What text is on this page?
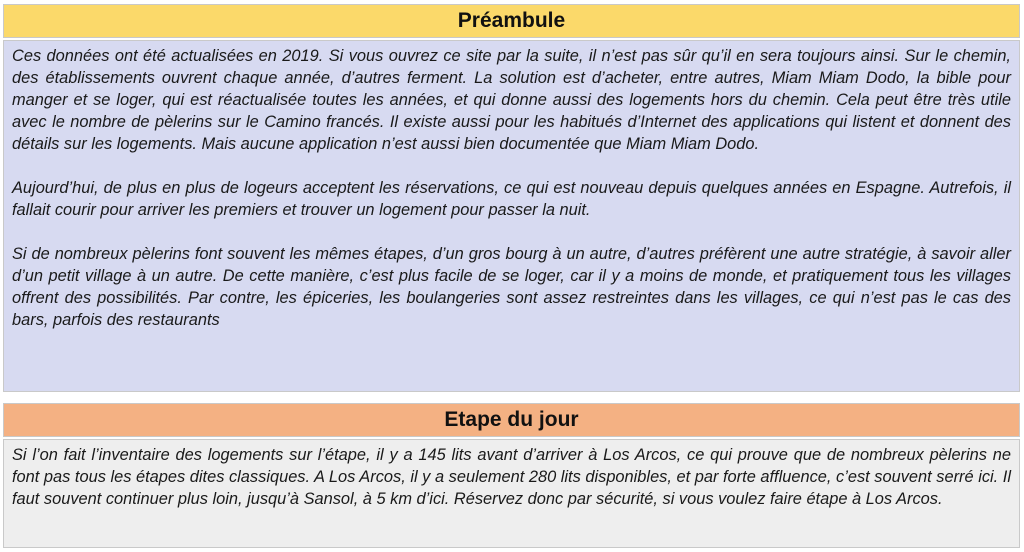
Préambule

Ces données ont été actualisées en 2019. Si vous ouvrez ce site par la suite, il n’est pas sûr qu’il en sera toujours ainsi. Sur le chemin, des établissements ouvrent chaque année, d’autres ferment. La solution est d’acheter, entre autres, Miam Miam Dodo, la bible pour manger et se loger, qui est réactualisée toutes les années, et qui donne aussi des logements hors du chemin. Cela peut être très utile avec le nombre de pèlerins sur le Camino francés. Il existe aussi pour les habitués d’Internet des applications qui listent et donnent des détails sur les logements. Mais aucune application n’est aussi bien documentée que Miam Miam Dodo.

Aujourd’hui, de plus en plus de logeurs acceptent les réservations, ce qui est nouveau depuis quelques années en Espagne. Autrefois, il fallait courir pour arriver les premiers et trouver un logement pour passer la nuit.

Si de nombreux pèlerins font souvent les mêmes étapes, d’un gros bourg à un autre, d’autres préfèrent une autre stratégie, à savoir aller d’un petit village à un autre. De cette manière, c’est plus facile de se loger, car il y a moins de monde, et pratiquement tous les villages offrent des possibilités. Par contre, les épiceries, les boulangeries sont assez restreintes dans les villages, ce qui n’est pas le cas des bars, parfois des restaurants

Etape du jour

Si l’on fait l’inventaire des logements sur l’étape, il y a 145 lits avant d’arriver à Los Arcos, ce qui prouve que de nombreux pèlerins ne font pas tous les étapes dites classiques. A Los Arcos, il y a seulement 280 lits disponibles, et par forte affluence, c’est souvent serré ici. Il faut souvent continuer plus loin, jusqu’à Sansol, à 5 km d’ici. Réservez donc par sécurité, si vous voulez faire étape à Los Arcos.
